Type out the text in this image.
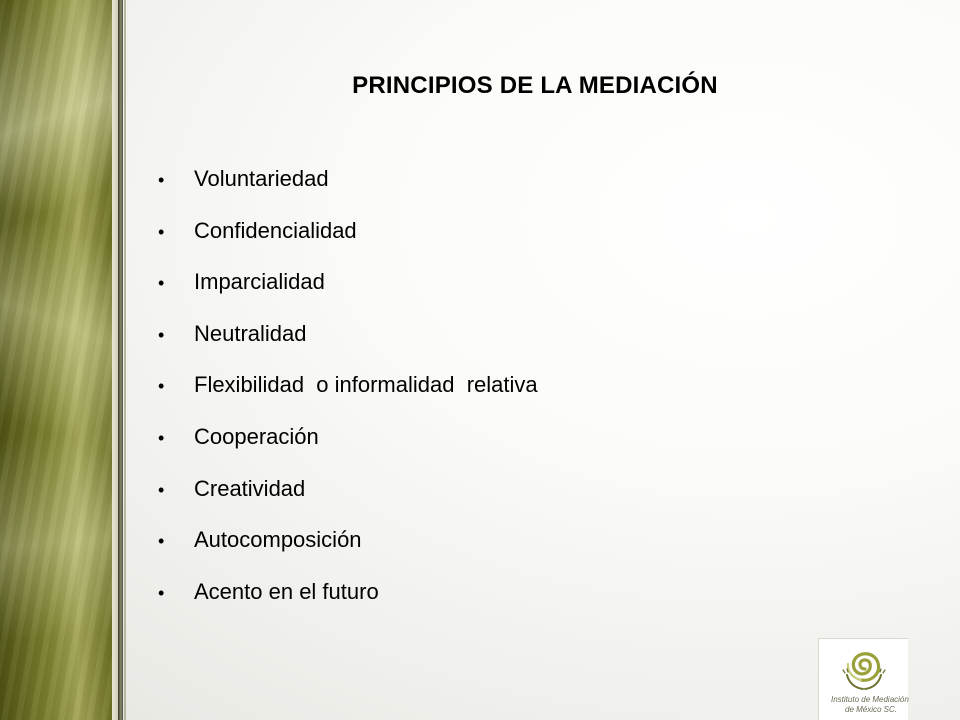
PRINCIPIOS DE LA MEDIACIÓN
• Voluntariedad
• Confidencialidad
• Imparcialidad
• Neutralidad
• Flexibilidad  o informalidad  relativa
• Cooperación
• Creatividad
• Autocomposición
• Acento en el futuro
Instituto de Mediación
de México SC.
